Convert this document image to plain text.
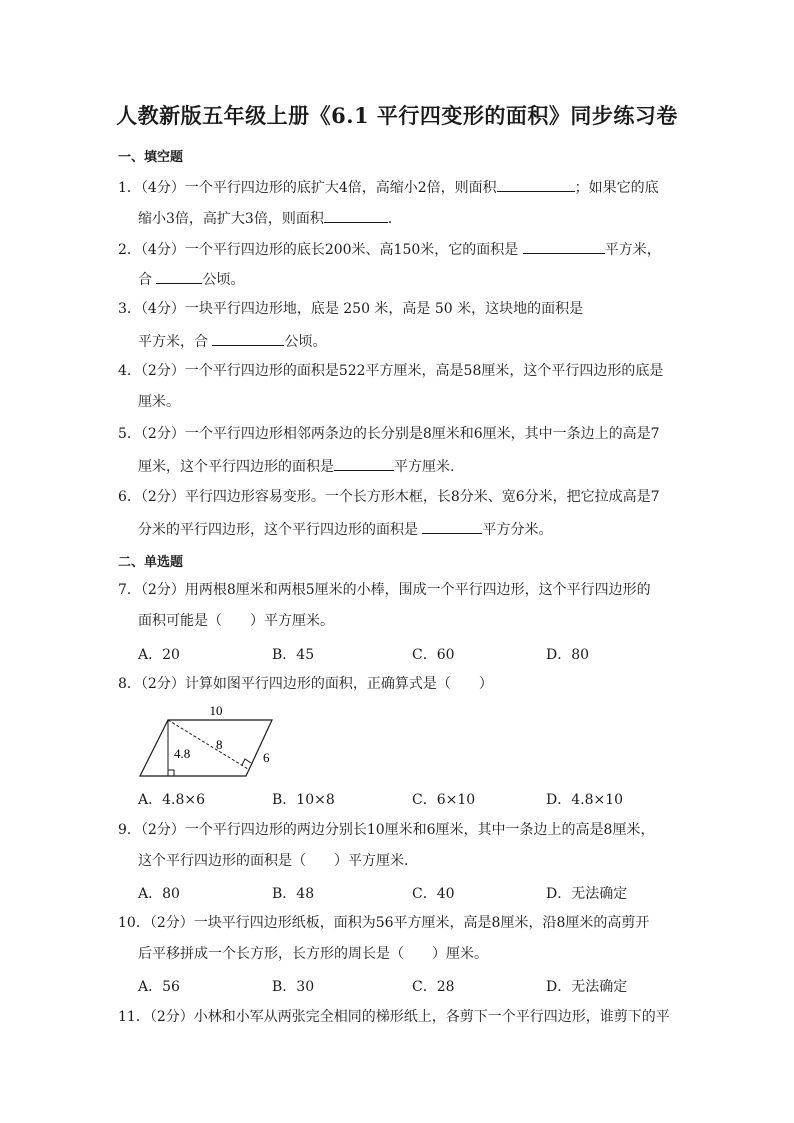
人教新版五年级上册《6.1 平行四变形的面积》同步练习卷
一、填空题
1．（4分）一个平行四边形的底扩大4倍，高缩小2倍，则面积	；如果它的底
缩小3倍，高扩大3倍，则面积	．
2．（4分）一个平行四边形的底长200米、高150米，它的面积是	平方米，
合	公顷。
3．（4分）一块平行四边形地，底是 250 米，高是 50 米，这块地的面积是
平方米，合	公顷。
4．（2分）一个平行四边形的面积是522平方厘米，高是58厘米，这个平行四边形的底是
厘米。
5．（2分）一个平行四边形相邻两条边的长分别是8厘米和6厘米，其中一条边上的高是7
厘米，这个平行四边形的面积是	平方厘米.
6．（2分）平行四边形容易变形。一个长方形木框，长8分米、宽6分米，把它拉成高是7
分米的平行四边形，这个平行四边形的面积是	平方分米。
二、单选题
7．（2分）用两根8厘米和两根5厘米的小棒，围成一个平行四边形，这个平行四边形的
面积可能是（　　）平方厘米。
A．20	B．45	C．60	D．80
8．（2分）计算如图平行四边形的面积，正确算式是（　　）
10
4.8
8
6
A．4.8×6	B．10×8	C．6×10	D．4.8×10
9．（2分）一个平行四边形的两边分别长10厘米和6厘米，其中一条边上的高是8厘米，
这个平行四边形的面积是（　　）平方厘米．
A．80	B．48	C．40	D．无法确定
10．（2分）一块平行四边形纸板，面积为56平方厘米，高是8厘米，沿8厘米的高剪开
后平移拼成一个长方形，长方形的周长是（　　）厘米。
A．56	B．30	C．28	D．无法确定
11．（2分）小林和小军从两张完全相同的梯形纸上，各剪下一个平行四边形，谁剪下的平
